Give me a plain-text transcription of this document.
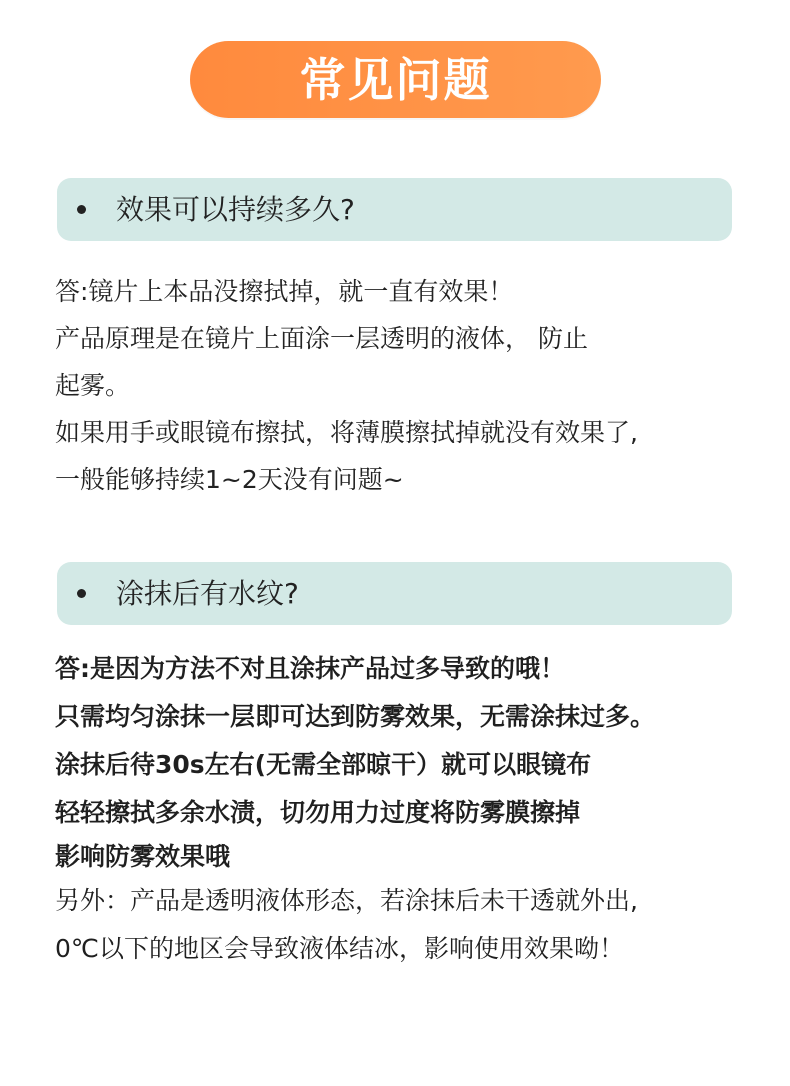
常见问题
效果可以持续多久?
答:镜片上本品没擦拭掉，就一直有效果！
产品原理是在镜片上面涂一层透明的液体， 防止
起雾。
如果用手或眼镜布擦拭，将薄膜擦拭掉就没有效果了,
一般能够持续1~2天没有问题~
涂抹后有水纹?
答:是因为方法不对且涂抹产品过多导致的哦！
只需均匀涂抹一层即可达到防雾效果，无需涂抹过多。
涂抹后待30s左右(无需全部晾干）就可以眼镜布
轻轻擦拭多余水渍，切勿用力过度将防雾膜擦掉
影响防雾效果哦
另外：产品是透明液体形态，若涂抹后未干透就外出,
0℃以下的地区会导致液体结冰，影响使用效果呦！
